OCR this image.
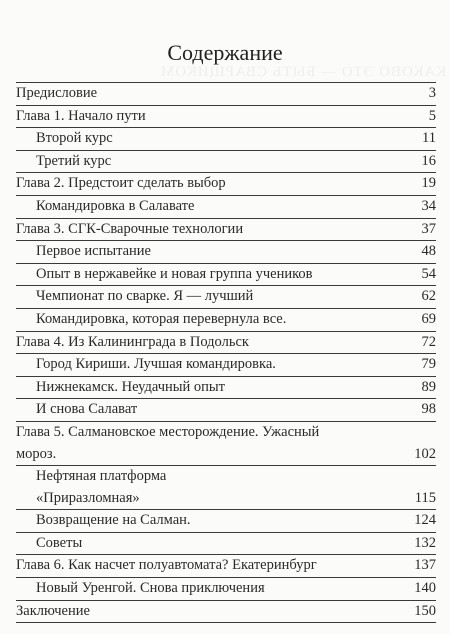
КАКОВО ЭТО — БЫТЬ СВАРЩИКОМ
Содержание
Предисловие	3
Глава 1. Начало пути	5
Второй курс	11
Третий курс	16
Глава 2. Предстоит сделать выбор	19
Командировка в Салавате	34
Глава 3. СГК-Сварочные технологии	37
Первое испытание	48
Опыт в нержавейке и новая группа учеников	54
Чемпионат по сварке. Я — лучший	62
Командировка, которая перевернула все.	69
Глава 4. Из Калининграда в Подольск	72
Город Кириши. Лучшая командировка.	79
Нижнекамск. Неудачный опыт	89
И снова Салават	98
Глава 5. Салмановское месторождение. Ужасный
мороз.	102
Нефтяная платформа
«Приразломная»	115
Возвращение на Салман.	124
Советы	132
Глава 6. Как насчет полуавтомата? Екатеринбург	137
Новый Уренгой. Снова приключения	140
Заключение	150
